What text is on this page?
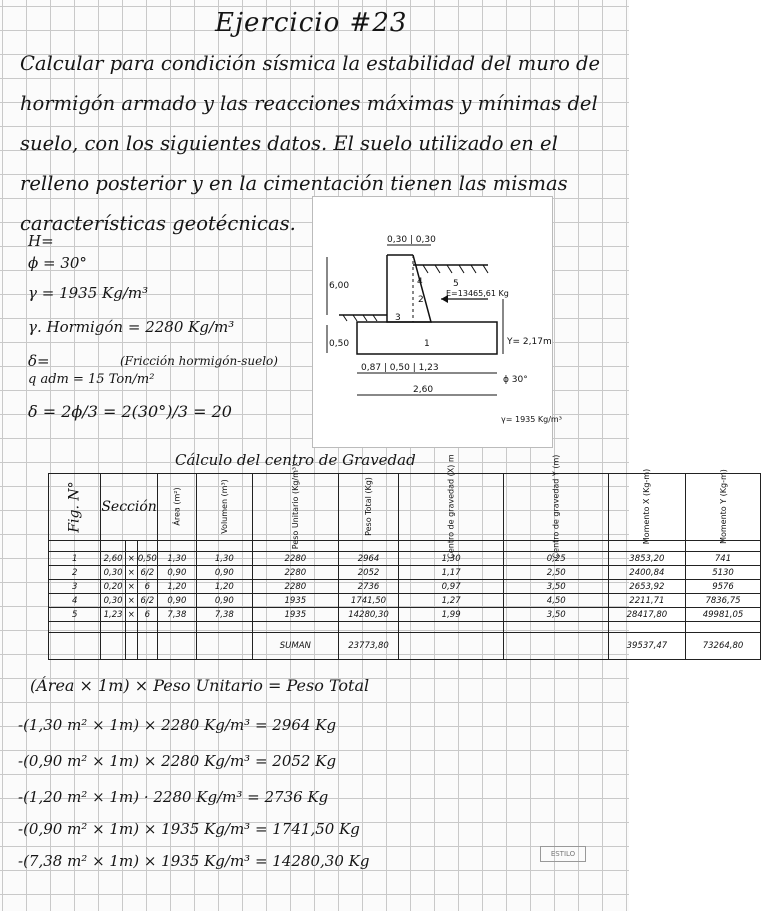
Ejercicio #23
Calcular para condición sísmica la estabilidad del muro de hormigón armado y las reacciones máximas y mínimas del suelo, con los siguientes datos. El suelo utilizado en el relleno posterior y en la cimentación tienen las mismas características geotécnicas.
H=
ϕ = 30°
γ = 1935 Kg/m³
γ. Hormigón = 2280 Kg/m³
δ=	(Fricción hormigón-suelo)
q adm = 15 Ton/m²
δ = 2ϕ/3 = 2(30°)/3 = 20
0,30 | 0,30
6,00
0,50
0,87 | 0,50 | 1,23
2,60
E=13465,61 Kg
Y= 2,17m
ϕ 30°
γ= 1935 Kg/m³
1
2
3
4	5
Cálculo del centro de Gravedad
Fig. N°	Sección			Área (m²)	Volumen (m³)	Peso Unitario (Kg/m³)	Peso Total (Kg)	Centro de gravedad (X) m	Centro de gravedad Y (m)	Momento X (Kg-m)	Momento Y (Kg-m)

1	2,60	×	0,50	1,30	1,30	2280	2964	1,30	0,25	3853,20	741
2	0,30	×	6/2	0,90	0,90	2280	2052	1,17	2,50	2400,84	5130
3	0,20	×	6	1,20	1,20	2280	2736	0,97	3,50	2653,92	9576
4	0,30	×	6/2	0,90	0,90	1935	1741,50	1,27	4,50	2211,71	7836,75
5	1,23	×	6	7,38	7,38	1935	14280,30	1,99	3,50	28417,80	49981,05

						SUMAN	23773,80			39537,47	73264,80
(Área × 1m) × Peso Unitario = Peso Total
-(1,30 m² × 1m) × 2280 Kg/m³ = 2964 Kg
-(0,90 m² × 1m) × 2280 Kg/m³ = 2052 Kg
-(1,20 m² × 1m) · 2280 Kg/m³ = 2736 Kg
-(0,90 m² × 1m) × 1935 Kg/m³ = 1741,50 Kg
-(7,38 m² × 1m) × 1935 Kg/m³ = 14280,30 Kg	ESTILO
